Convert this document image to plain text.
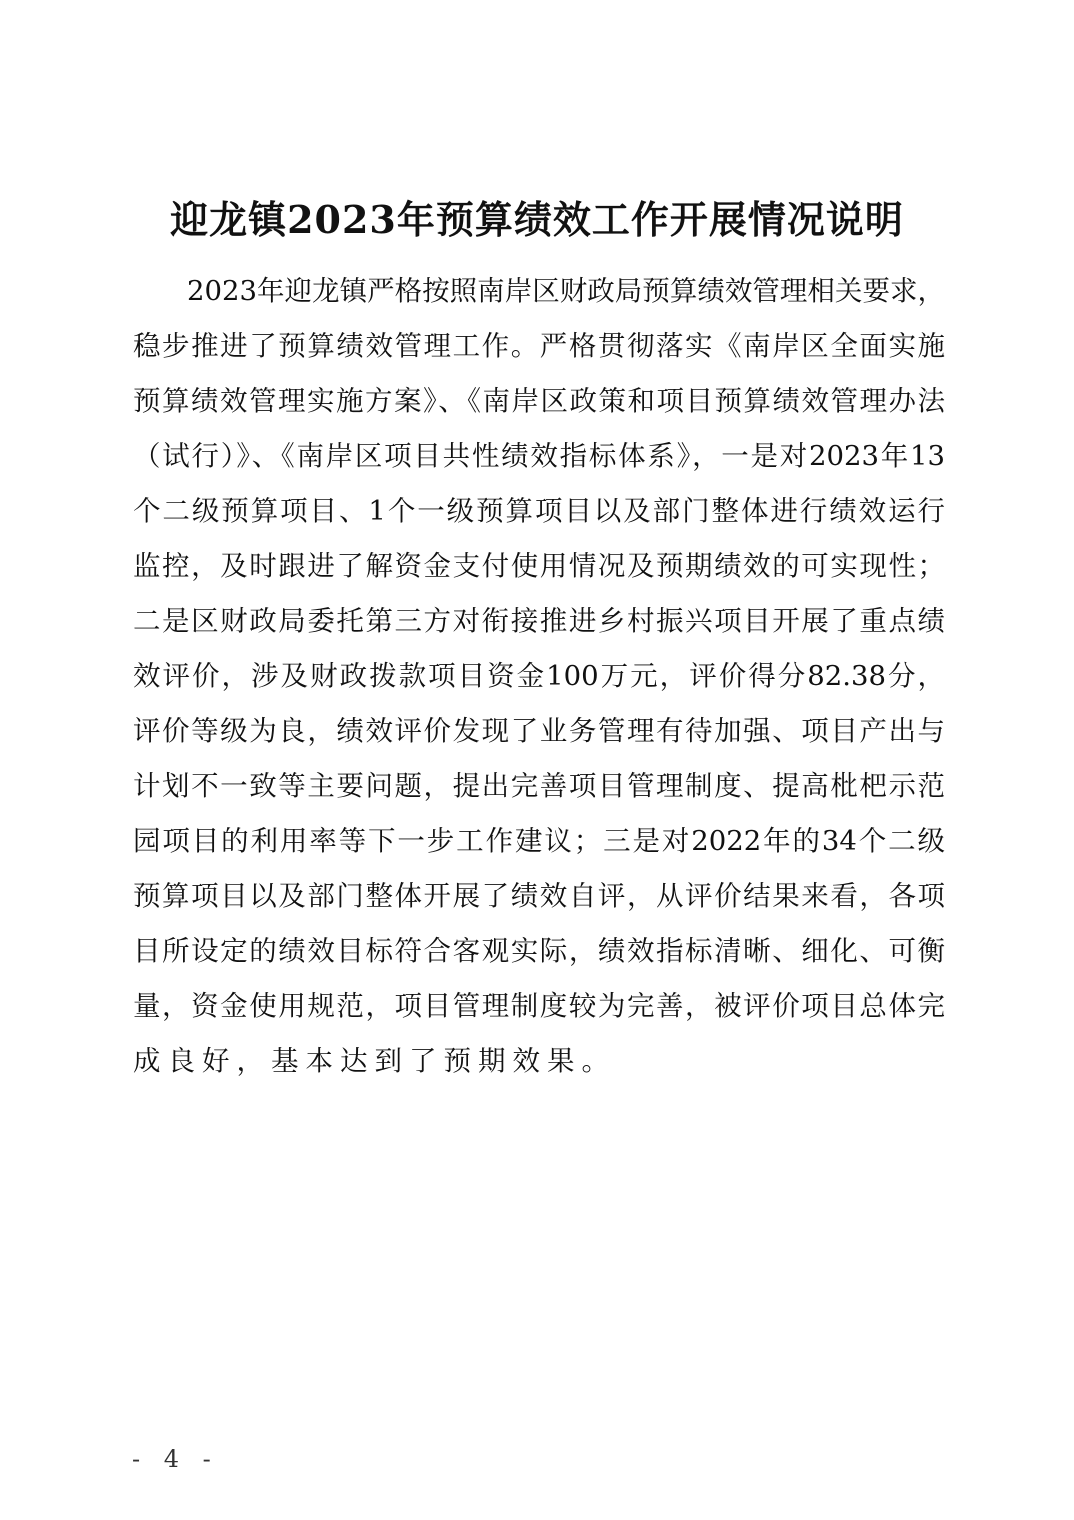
迎龙镇2023年预算绩效工作开展情况说明
2023年迎龙镇严格按照南岸区财政局预算绩效管理相关要求，
稳步推进了预算绩效管理工作。严格贯彻落实《南岸区全面实施
预算绩效管理实施方案》、《南岸区政策和项目预算绩效管理办法
（试行）》、《南岸区项目共性绩效指标体系》，一是对2023年13
个二级预算项目、1个一级预算项目以及部门整体进行绩效运行
监控，及时跟进了解资金支付使用情况及预期绩效的可实现性；
二是区财政局委托第三方对衔接推进乡村振兴项目开展了重点绩
效评价，涉及财政拨款项目资金100万元，评价得分82.38分，
评价等级为良，绩效评价发现了业务管理有待加强、项目产出与
计划不一致等主要问题，提出完善项目管理制度、提高枇杷示范
园项目的利用率等下一步工作建议；三是对2022年的34个二级
预算项目以及部门整体开展了绩效自评，从评价结果来看，各项
目所设定的绩效目标符合客观实际，绩效指标清晰、细化、可衡
量，资金使用规范，项目管理制度较为完善，被评价项目总体完
成良好，基本达到了预期效果。
- 4 -
